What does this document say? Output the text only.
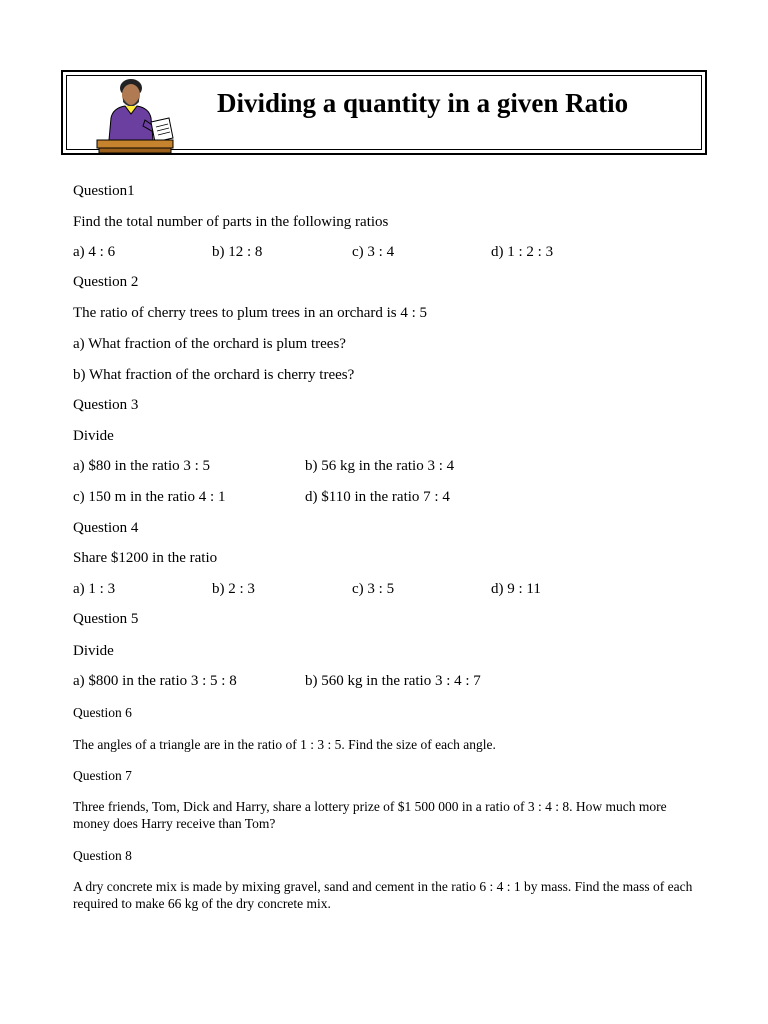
Dividing a quantity in a given Ratio
Question1
Find the total number of parts in the following ratios
a) 4 : 6	b) 12 : 8	c) 3 : 4	d) 1 : 2 : 3
Question 2
The ratio of cherry trees to plum trees in an orchard is 4 : 5
a) What fraction of the orchard is plum trees?
b) What fraction of the orchard is cherry trees?
Question 3
Divide
a) $80 in the ratio 3 : 5	b) 56 kg in the ratio 3 : 4
c) 150 m in the ratio 4 : 1	d) $110 in the ratio 7 : 4
Question 4
Share $1200 in the ratio
a) 1 : 3	b) 2 : 3	c) 3 : 5	d) 9 : 11
Question 5
Divide
a) $800 in the ratio 3 : 5 : 8	b) 560 kg in the ratio 3 : 4 : 7
Question 6
The angles of a triangle are in the ratio of 1 : 3 : 5. Find the size of each angle.
Question 7
Three friends, Tom, Dick and Harry, share a lottery prize of $1 500 000 in a ratio of 3 : 4 : 8. How much more money does Harry receive than Tom?
Question 8
A dry concrete mix is made by mixing gravel, sand and cement in the ratio 6 : 4 : 1 by mass. Find the mass of each required to make 66 kg of the dry concrete mix.
